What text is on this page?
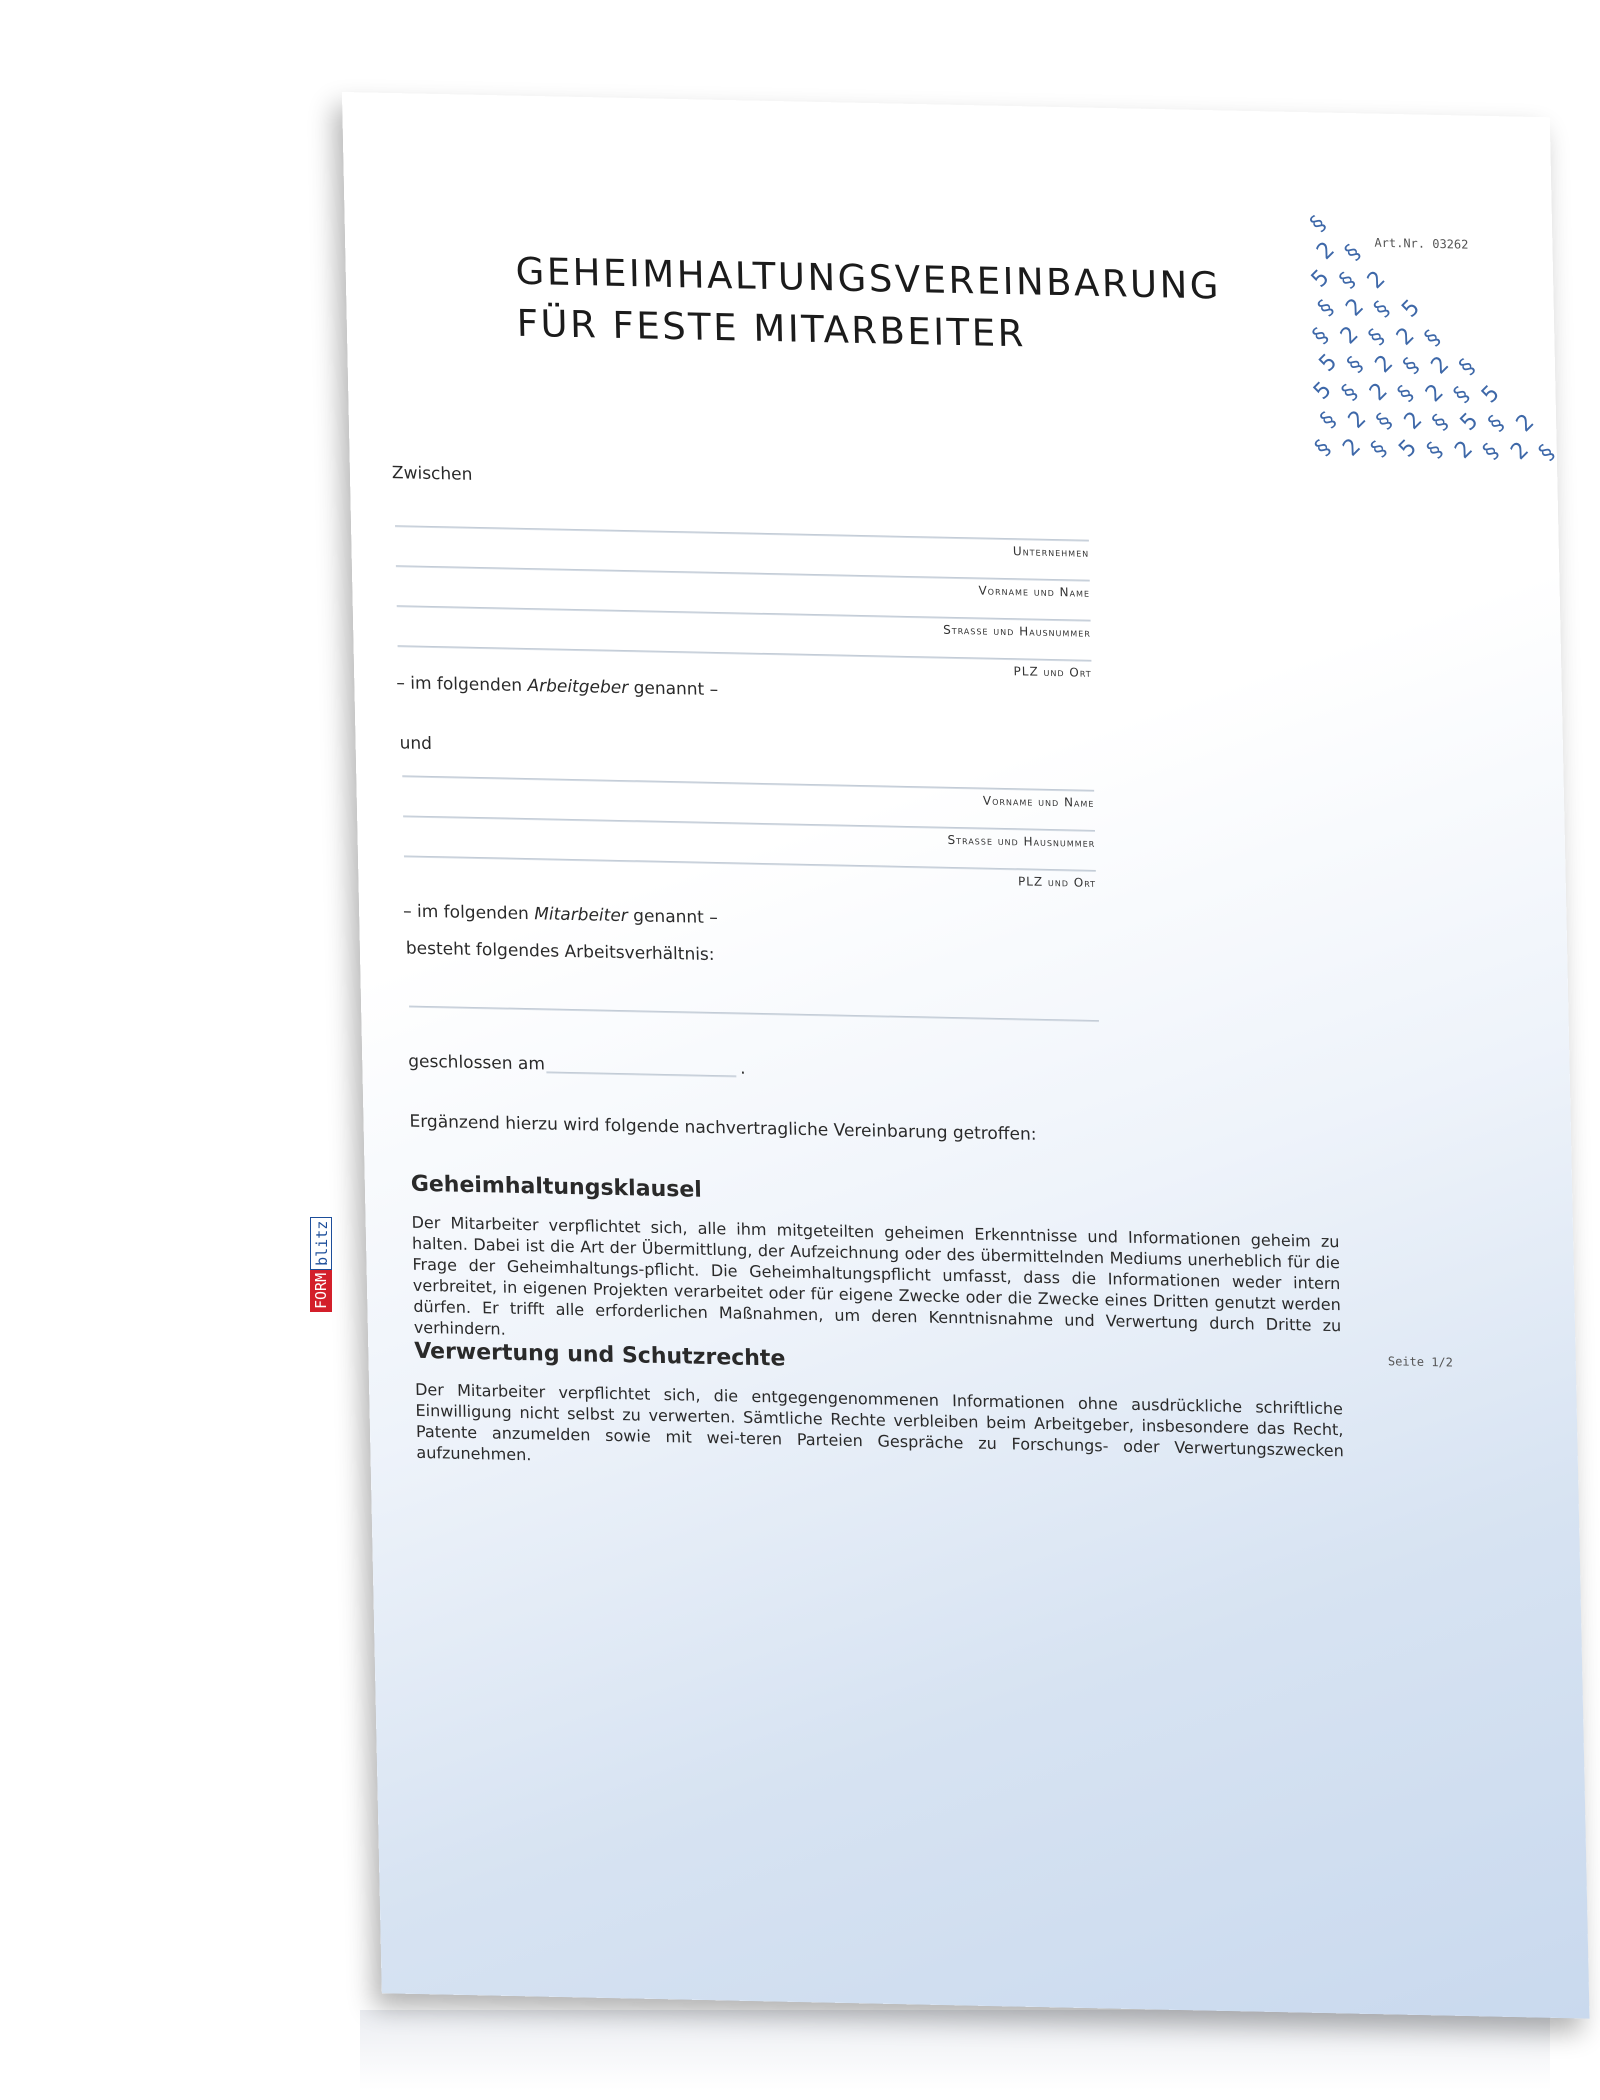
GEHEIMHALTUNGSVEREINBARUNG
FÜR FESTE MITARBEITER
§
2 §
5 § 2
§ 2 § 5
§ 2 § 2 §
5 § 2 § 2 §
5 § 2 § 2 § 5
§ 2 § 2 § 5 § 2
§ 2 § 5 § 2 § 2 §
Art.Nr. 03262
Zwischen
Unternehmen
Vorname und Name
Strasse und Hausnummer
PLZ und Ort
– im folgenden Arbeitgeber genannt –
und
Vorname und Name
Strasse und Hausnummer
PLZ und Ort
– im folgenden Mitarbeiter genannt –
besteht folgendes Arbeitsverhältnis:
geschlossen am	.
Ergänzend hierzu wird folgende nachvertragliche Vereinbarung getroffen:
Geheimhaltungsklausel
Der Mitarbeiter verpflichtet sich, alle ihm mitgeteilten geheimen Erkenntnisse und Informationen geheim zu halten. Dabei ist die Art der Übermittlung, der Aufzeichnung oder des übermittelnden Mediums unerheblich für die Frage der Geheimhaltungs-pflicht. Die Geheimhaltungspflicht umfasst, dass die Informationen weder intern verbreitet, in eigenen Projekten verarbeitet oder für eigene Zwecke oder die Zwecke eines Dritten genutzt werden dürfen. Er trifft alle erforderlichen Maßnahmen, um deren Kenntnisnahme und Verwertung durch Dritte zu verhindern.
Verwertung und Schutzrechte
Der Mitarbeiter verpflichtet sich, die entgegengenommenen Informationen ohne ausdrückliche schriftliche Einwilligung nicht selbst zu verwerten. Sämtliche Rechte verbleiben beim Arbeitgeber, insbesondere das Recht, Patente anzumelden sowie mit wei-teren Parteien Gespräche zu Forschungs- oder Verwertungszwecken aufzunehmen.
Seite 1/2
FORM
blitz
